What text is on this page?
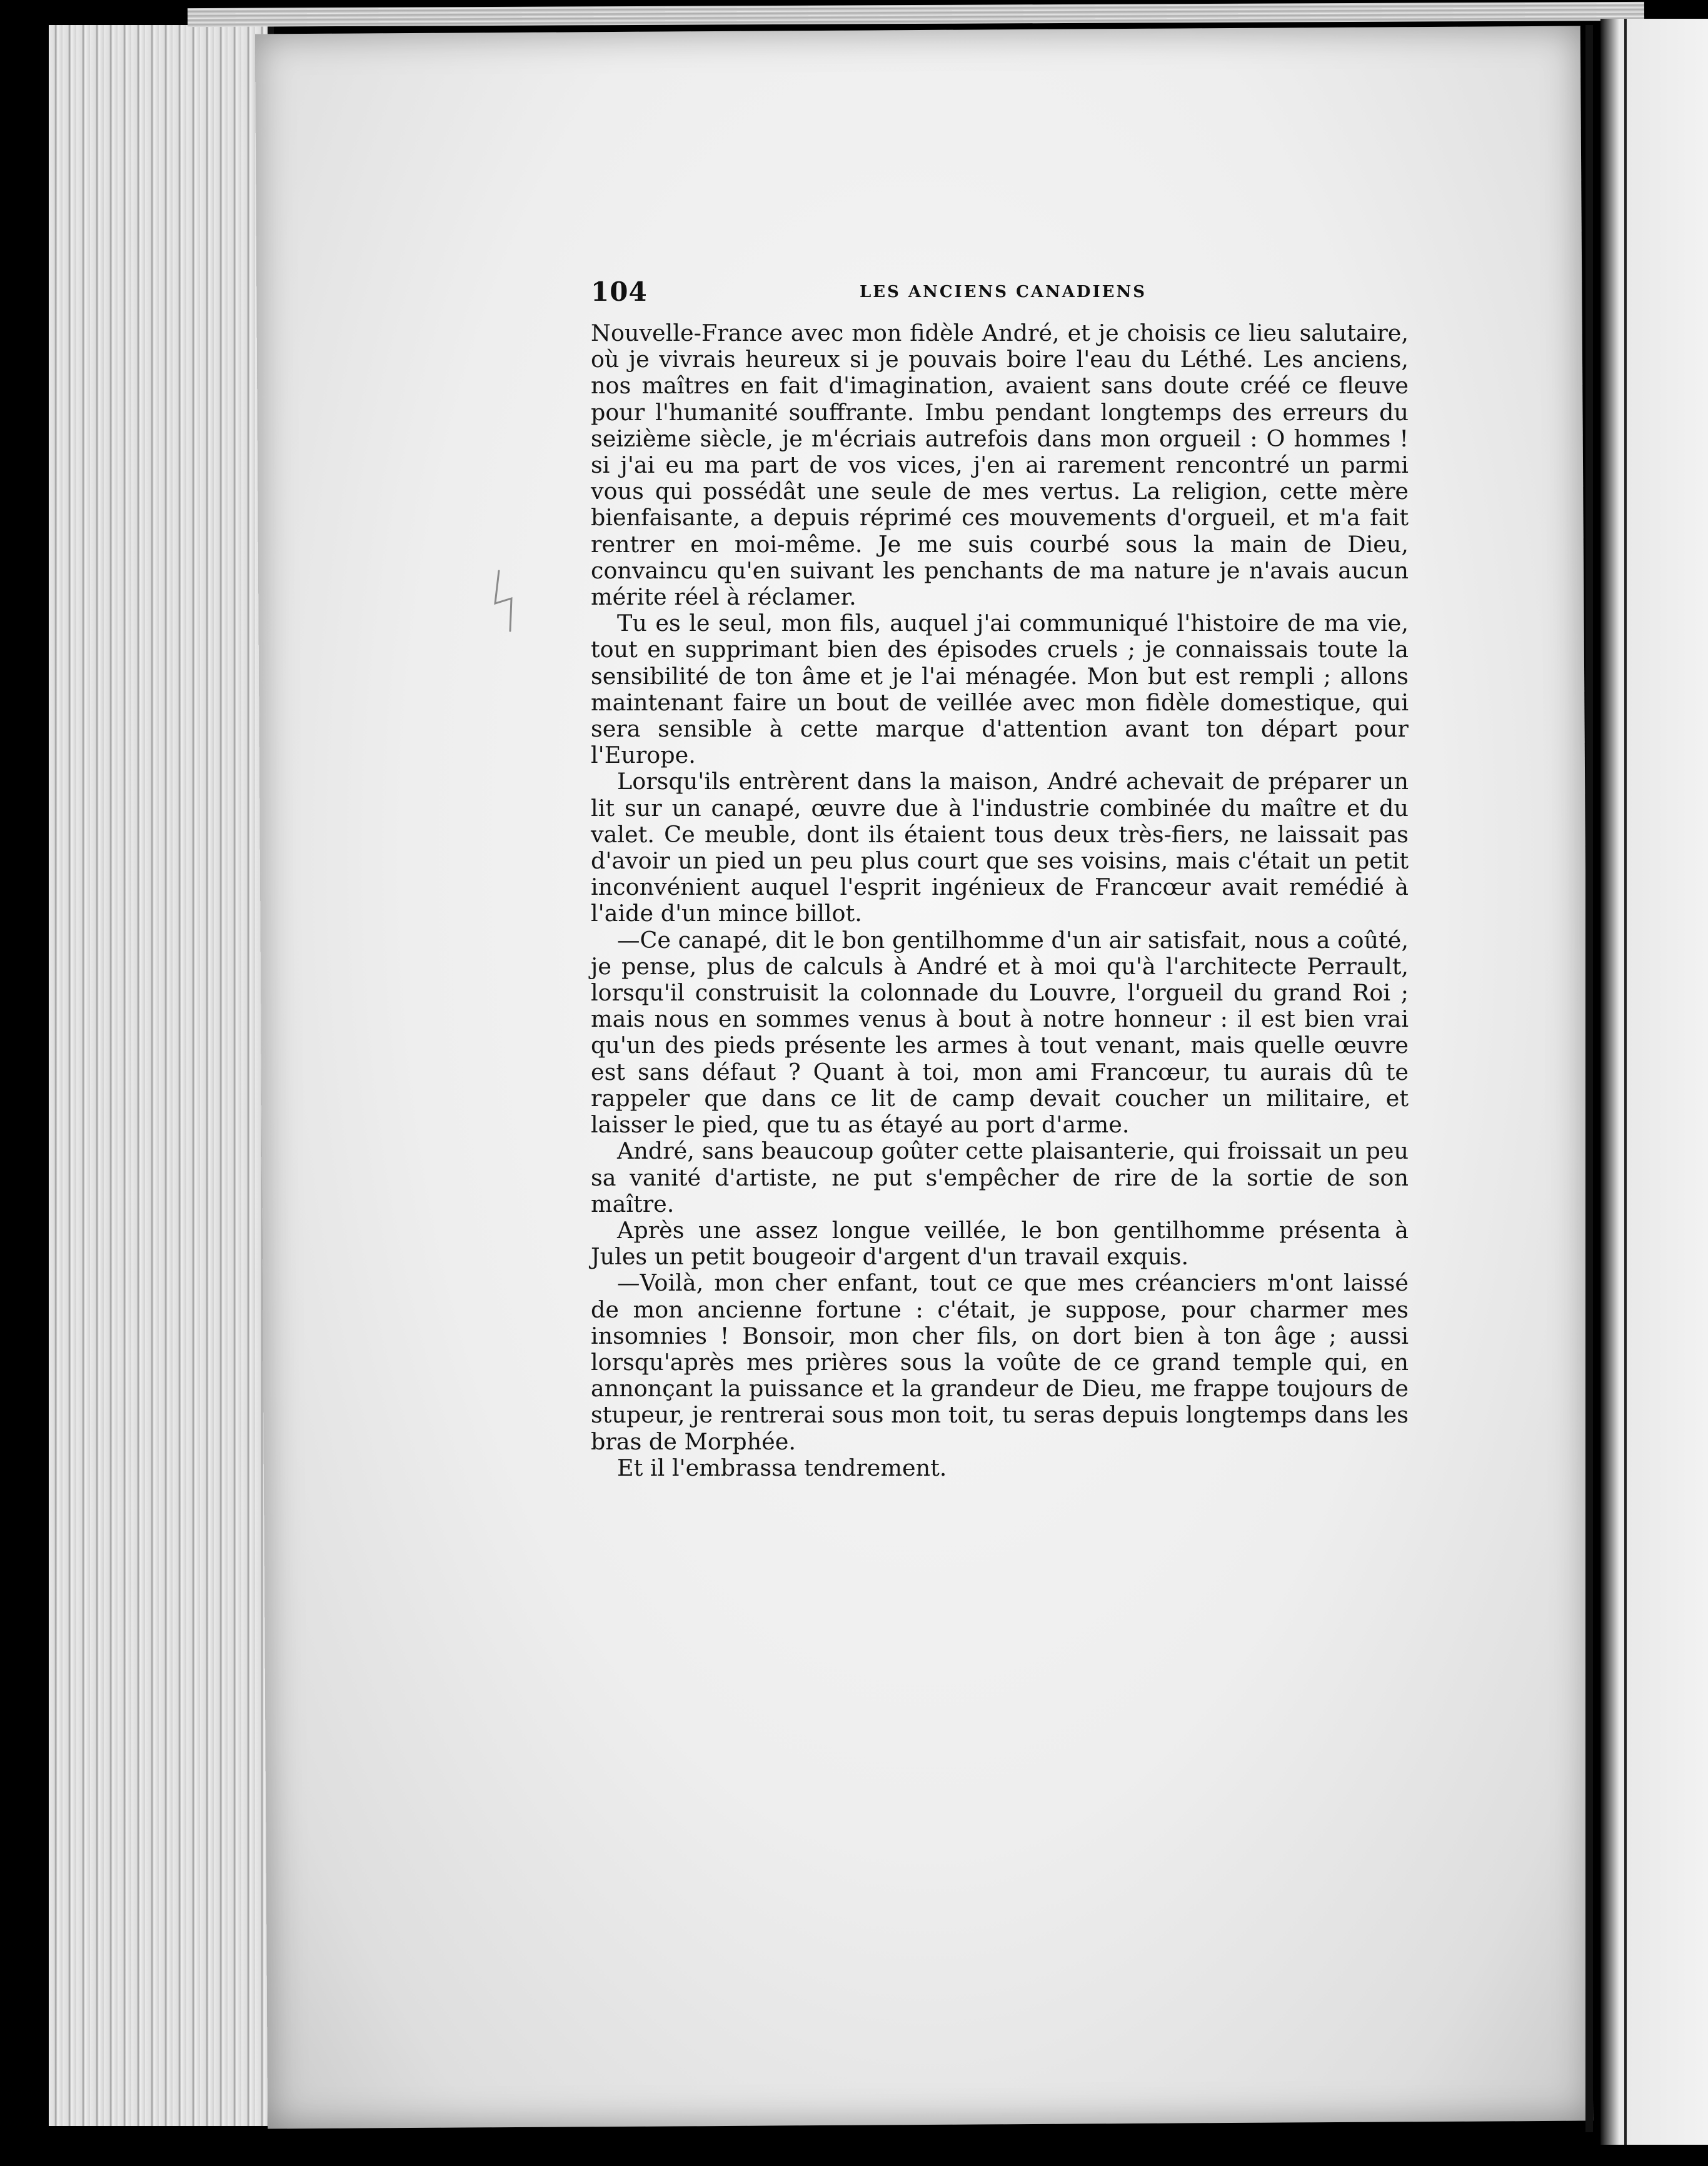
104	LES ANCIENS CANADIENS

Nouvelle-France avec mon fidèle André, et je choisis ce lieu salutaire, où je vivrais heureux si je pouvais boire l'eau du Léthé. Les anciens, nos maîtres en fait d'imagination, avaient sans doute créé ce fleuve pour l'humanité souffrante. Imbu pendant longtemps des erreurs du seizième siècle, je m'écriais autrefois dans mon orgueil : O hommes ! si j'ai eu ma part de vos vices, j'en ai rarement rencontré un parmi vous qui possédât une seule de mes vertus. La religion, cette mère bienfaisante, a depuis réprimé ces mouvements d'orgueil, et m'a fait rentrer en moi-même. Je me suis courbé sous la main de Dieu, convaincu qu'en suivant les penchants de ma nature je n'avais aucun mérite réel à réclamer.

Tu es le seul, mon fils, auquel j'ai communiqué l'histoire de ma vie, tout en supprimant bien des épisodes cruels ; je connaissais toute la sensibilité de ton âme et je l'ai ménagée. Mon but est rempli ; allons maintenant faire un bout de veillée avec mon fidèle domestique, qui sera sensible à cette marque d'attention avant ton départ pour l'Europe.

Lorsqu'ils entrèrent dans la maison, André achevait de préparer un lit sur un canapé, œuvre due à l'industrie combinée du maître et du valet. Ce meuble, dont ils étaient tous deux très-fiers, ne laissait pas d'avoir un pied un peu plus court que ses voisins, mais c'était un petit inconvénient auquel l'esprit ingénieux de Francœur avait remédié à l'aide d'un mince billot.

—Ce canapé, dit le bon gentilhomme d'un air satisfait, nous a coûté, je pense, plus de calculs à André et à moi qu'à l'architecte Perrault, lorsqu'il construisit la colonnade du Louvre, l'orgueil du grand Roi ; mais nous en sommes venus à bout à notre honneur : il est bien vrai qu'un des pieds présente les armes à tout venant, mais quelle œuvre est sans défaut ? Quant à toi, mon ami Francœur, tu aurais dû te rappeler que dans ce lit de camp devait coucher un militaire, et laisser le pied, que tu as étayé au port d'arme.

André, sans beaucoup goûter cette plaisanterie, qui froissait un peu sa vanité d'artiste, ne put s'empêcher de rire de la sortie de son maître.

Après une assez longue veillée, le bon gentilhomme présenta à Jules un petit bougeoir d'argent d'un travail exquis.

—Voilà, mon cher enfant, tout ce que mes créanciers m'ont laissé de mon ancienne fortune : c'était, je suppose, pour charmer mes insomnies ! Bonsoir, mon cher fils, on dort bien à ton âge ; aussi lorsqu'après mes prières sous la voûte de ce grand temple qui, en annonçant la puissance et la grandeur de Dieu, me frappe toujours de stupeur, je rentrerai sous mon toit, tu seras depuis longtemps dans les bras de Morphée.

Et il l'embrassa tendrement.
